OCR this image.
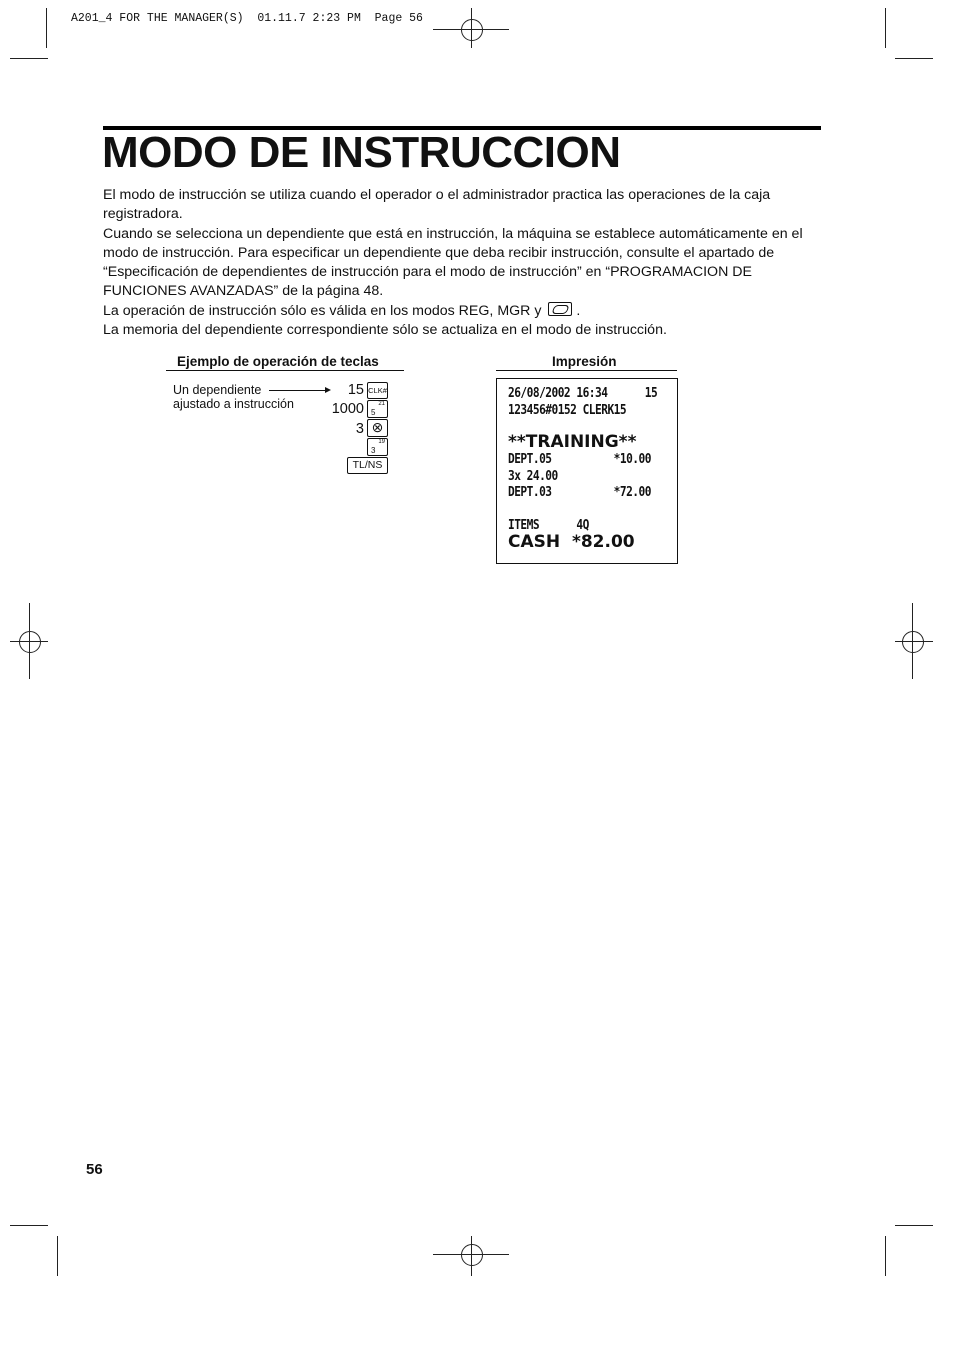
A201_4 FOR THE MANAGER(S)  01.11.7 2:23 PM  Page 56
MODO DE INSTRUCCION

El modo de instrucción se utiliza cuando el operador o el administrador practica las operaciones de la caja registradora.

Cuando se selecciona un dependiente que está en instrucción, la máquina se establece automáticamente en el modo de instrucción. Para especificar un dependiente que deba recibir instrucción, consulte el apartado de “Especificación de dependientes de instrucción para el modo de instrucción” en “PROGRAMACION DE FUNCIONES AVANZADAS” de la página 48.

La operación de instrucción sólo es válida en los modos REG, MGR y .

La memoria del dependiente correspondiente sólo se actualiza en el modo de instrucción.

Ejemplo de operación de teclas
Un dependiente
ajustado a instrucción
15 CLK#
1000 21
5
3 ⊗
19
3
TL/NS
Impresión
26/08/2002 16:34      15
123456#0152 CLERK15
**TRAINING**
DEPT.05          *10.00
3x 24.00
DEPT.03          *72.00
ITEMS      4Q
CASH  *82.00
56
